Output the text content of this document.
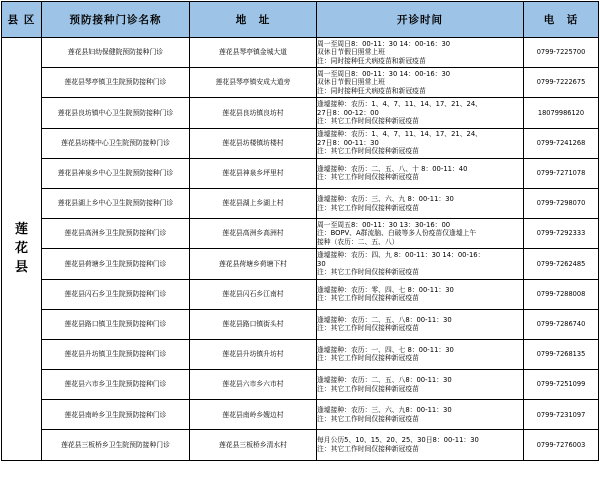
县 区	预防接种门诊名称	地　址	开诊时间	电　话

莲
花
县	莲花县妇幼保健院预防接种门诊	莲花县琴亭镇金城大道	周一至周日8：00-11：30 14：00-16：30
双休日节假日照常上班
注：同时接种狂犬病疫苗和新冠疫苗	0799-7225700
	莲花县琴亭镇卫生院预防接种门诊	莲花县琴亭镇安成大道旁	周一至周日8：00-11：30 14：00-16：30
双休日节假日照常上班
注：同时接种狂犬病疫苗和新冠疫苗	0799-7222675
	莲花县良坊镇中心卫生院预防接种门诊	莲花县良坊镇良坊村	逢墟接种：农历：1、4、7、11、14、17、21、24、
27日8：00-12：00
注：其它工作时间仅接种新冠疫苗	18079986120
	莲花县坊楼中心卫生院预防接种门诊	莲花县坊楼镇坊楼村	逢墟接种：农历：1、4、7、11、14、17、21、24、
27日8：00-11：30
注：其它工作时间仅接种新冠疫苗	0799-7241268
	莲花县神泉乡中心卫生院预防接种门诊	莲花县神泉乡坪里村	逢墟接种：农历：二、五、八、十 8：00-11：40
注：其它工作时间仅接种新冠疫苗	0799-7271078
	莲花县湖上乡中心卫生院预防接种门诊	莲花县湖上乡湖上村	逢墟接种：农历：三、六、九 8：00-11：30
注：其它工作时间仅接种新冠疫苗	0799-7298070
	莲花县高洲乡卫生院预防接种门诊	莲花县高洲乡高洲村	周一至周五8：00-11：30 13：30-16：00
注：BOPV、A群流脑、白破等多人份疫苗仅逢墟上午
接种（农历：二、五、八）	0799-7292333
	莲花县荷塘乡卫生院预防接种门诊	莲花县荷塘乡荷塘下村	逢墟接种：农历：四、九 8：00-11：30 14：00-16：
30
注：其它工作时间仅接种新冠疫苗	0799-7262485
	莲花县闪石乡卫生院预防接种门诊	莲花县闪石乡江南村	逢墟接种：农历：零、四、七 8：00-11：30
注：其它工作时间仅接种新冠疫苗	0799-7288008
	莲花县路口镇卫生院预防接种门诊	莲花县路口镇街头村	逢墟接种：农历：二、五、八8：00-11：30
注：其它工作时间仅接种新冠疫苗	0799-7286740
	莲花县升坊镇卫生院预防接种门诊	莲花县升坊镇升坊村	逢墟接种：农历：一、四、七 8：00-11：30
注：其它工作时间仅接种新冠疫苗	0799-7268135
	莲花县六市乡卫生院预防接种门诊	莲花县六市乡六市村	逢墟接种：农历：二、五、八8：00-11：30
注：其它工作时间仅接种新冠疫苗	0799-7251099
	莲花县南岭乡卫生院预防接种门诊	莲花县南岭乡嫂边村	逢墟接种：农历：三、六、九8：00-11：30
注：其它工作时间仅接种新冠疫苗	0799-7231097
	莲花县三板桥乡卫生院预防接种门诊	莲花县三板桥乡清水村	每月公历5、10、15、20、25、30日8：00-11：30
注：其它工作时间仅接种新冠疫苗	0799-7276003
